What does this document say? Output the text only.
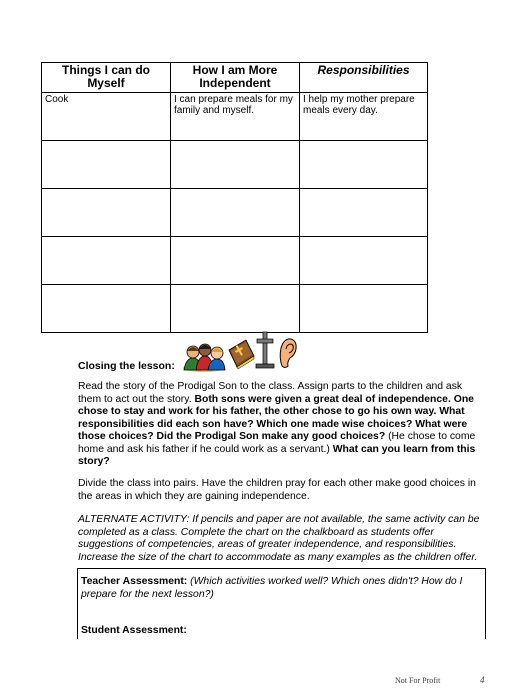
Things I can do Myself	How I am More Independent	Responsibilities
Cook	I can prepare meals for my family and myself.	I help my mother prepare meals every day.

Closing the lesson:

Read the story of the Prodigal Son to the class. Assign parts to the children and ask them to act out the story. Both sons were given a great deal of independence. One chose to stay and work for his father, the other chose to go his own way. What responsibilities did each son have? Which one made wise choices? What were those choices? Did the Prodigal Son make any good choices? (He chose to come home and ask his father if he could work as a servant.) What can you learn from this story?

Divide the class into pairs. Have the children pray for each other make good choices in the areas in which they are gaining independence.

ALTERNATE ACTIVITY: If pencils and paper are not available, the same activity can be completed as a class. Complete the chart on the chalkboard as students offer suggestions of competencies, areas of greater independence, and responsibilities. Increase the size of the chart to accommodate as many examples as the children offer.

Teacher Assessment: (Which activities worked well? Which ones didn't? How do I prepare for the next lesson?)
Student Assessment:
Not For Profit	4
